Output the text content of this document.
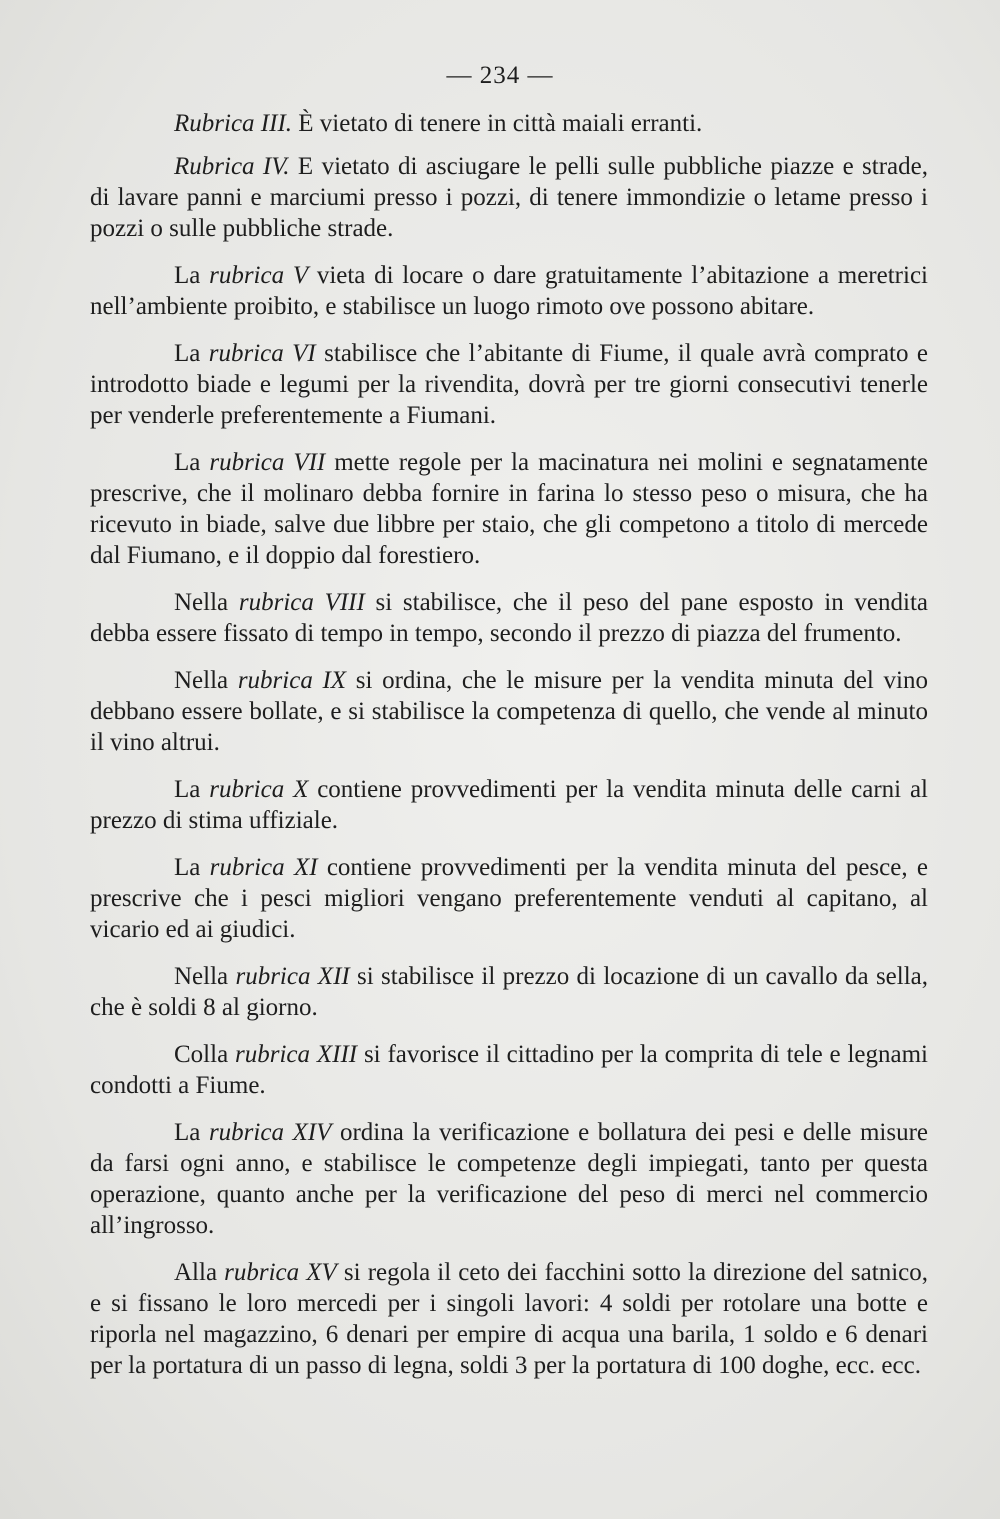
— 234 —

Rubrica III. È vietato di tenere in città maiali erranti.

Rubrica IV. E vietato di asciugare le pelli sulle pubbliche piazze e strade, di lavare panni e marciumi presso i pozzi, di tenere immondizie o letame presso i pozzi o sulle pubbliche strade.

La rubrica V vieta di locare o dare gratuitamente l’abitazione a meretrici nell’ambiente proibito, e stabilisce un luogo rimoto ove possono abitare.

La rubrica VI stabilisce che l’abitante di Fiume, il quale avrà comprato e introdotto biade e legumi per la rivendita, dovrà per tre giorni consecutivi tenerle per venderle preferentemente a Fiumani.

La rubrica VII mette regole per la macinatura nei molini e segnatamente prescrive, che il molinaro debba fornire in farina lo stesso peso o misura, che ha ricevuto in biade, salve due libbre per staio, che gli competono a titolo di mercede dal Fiumano, e il doppio dal forestiero.

Nella rubrica VIII si stabilisce, che il peso del pane esposto in vendita debba essere fissato di tempo in tempo, secondo il prezzo di piazza del frumento.

Nella rubrica IX si ordina, che le misure per la vendita minuta del vino debbano essere bollate, e si stabilisce la competenza di quello, che vende al minuto il vino altrui.

La rubrica X contiene provvedimenti per la vendita minuta delle carni al prezzo di stima uffiziale.

La rubrica XI contiene provvedimenti per la vendita minuta del pesce, e prescrive che i pesci migliori vengano preferentemente venduti al capitano, al vicario ed ai giudici.

Nella rubrica XII si stabilisce il prezzo di locazione di un cavallo da sella, che è soldi 8 al giorno.

Colla rubrica XIII si favorisce il cittadino per la comprita di tele e legnami condotti a Fiume.

La rubrica XIV ordina la verificazione e bollatura dei pesi e delle misure da farsi ogni anno, e stabilisce le competenze degli impiegati, tanto per questa operazione, quanto anche per la verificazione del peso di merci nel commercio all’ingrosso.

Alla rubrica XV si regola il ceto dei facchini sotto la direzione del satnico, e si fissano le loro mercedi per i singoli lavori: 4 soldi per rotolare una botte e riporla nel magazzino, 6 denari per empire di acqua una barila, 1 soldo e 6 denari per la portatura di un passo di legna, soldi 3 per la portatura di 100 doghe, ecc. ecc.
